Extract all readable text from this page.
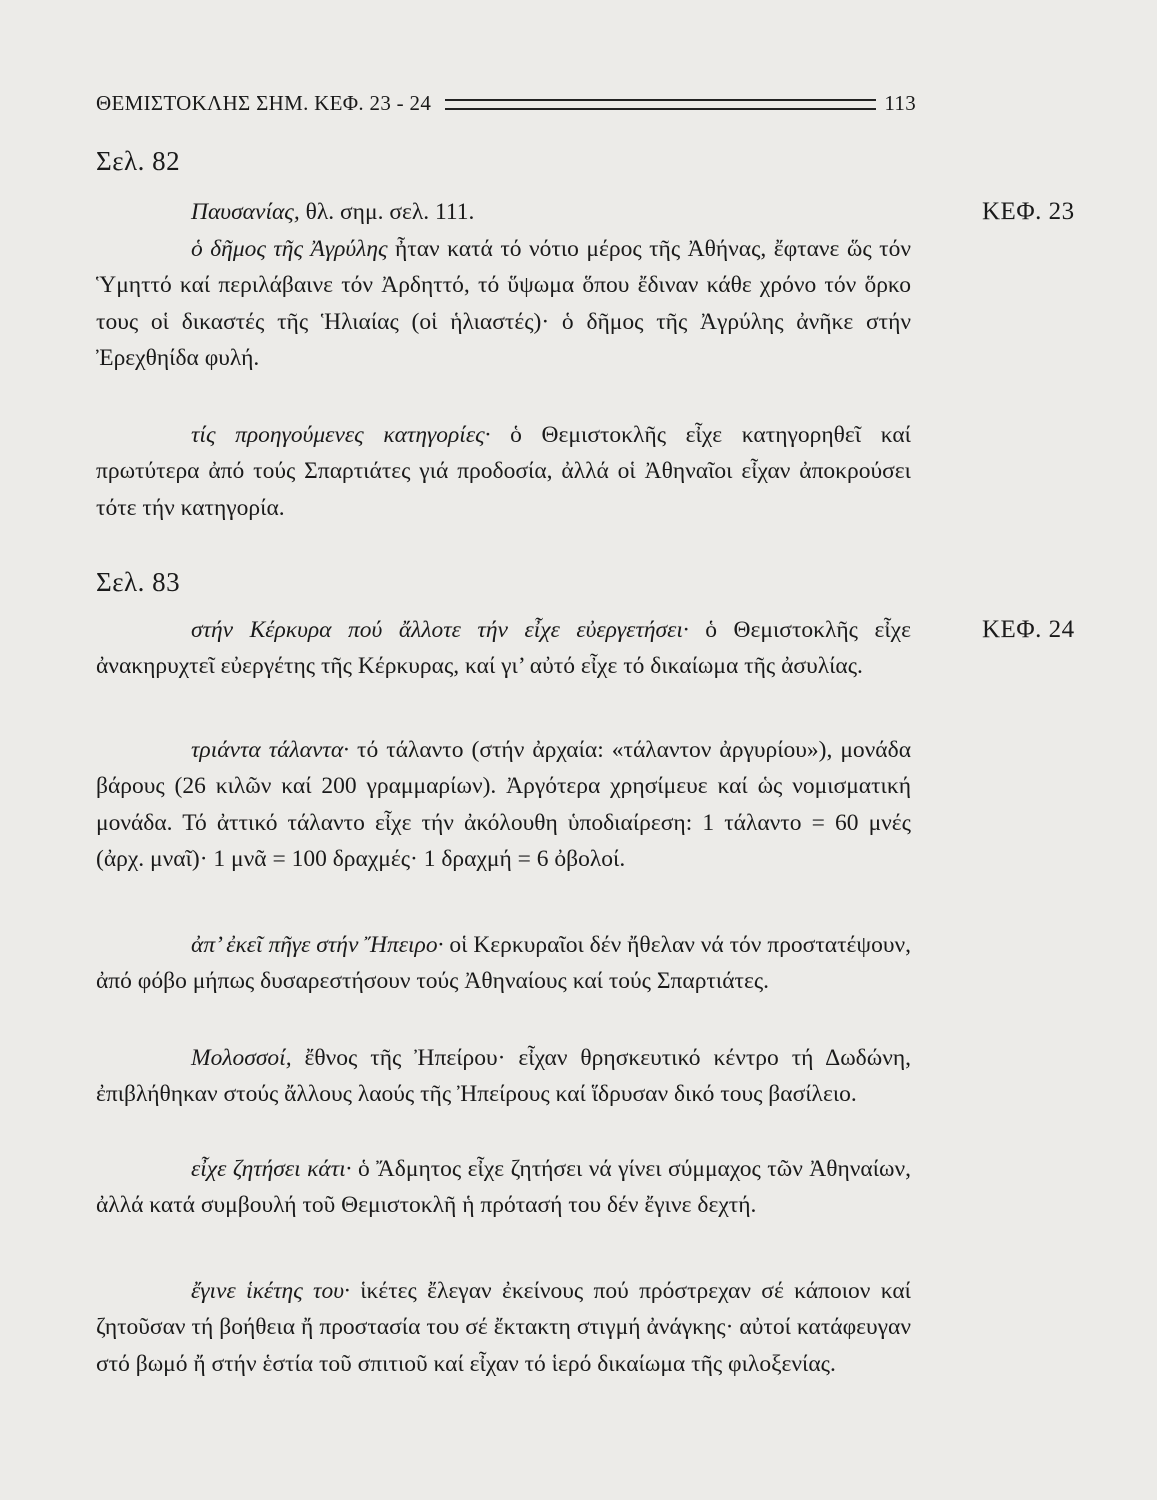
ΘΕΜΙΣΤΟΚΛΗΣ ΣΗΜ. ΚΕΦ. 23 - 24	113
Σελ. 82
ΚΕΦ. 23

Παυσανίας, θλ. σημ. σελ. 111.

ὁ δῆμος τῆς Ἀγρύλης ἦταν κατά τό νότιο μέρος τῆς Ἀθήνας, ἔφτανε ὥς τόν Ὑμηττό καί περιλάβαινε τόν Ἀρδηττό, τό ὕψωμα ὅπου ἔδιναν κάθε χρόνο τόν ὅρκο τους οἱ δικαστές τῆς Ἡλιαίας (οἱ ἡλιαστές)· ὁ δῆμος τῆς Ἀγρύλης ἀνῆκε στήν Ἐρεχθηίδα φυλή.

τίς προηγούμενες κατηγορίες· ὁ Θεμιστοκλῆς εἶχε κατηγορηθεῖ καί πρωτύτερα ἀπό τούς Σπαρτιάτες γιά προδοσία, ἀλλά οἱ Ἀθηναῖοι εἶχαν ἀποκρούσει τότε τήν κατηγορία.

Σελ. 83
ΚΕΦ. 24

στήν Κέρκυρα πού ἄλλοτε τήν εἶχε εὐεργετήσει· ὁ Θεμιστοκλῆς εἶχε ἀνακηρυχτεῖ εὐεργέτης τῆς Κέρκυρας, καί γι’ αὐτό εἶχε τό δικαίωμα τῆς ἀσυλίας.

τριάντα τάλαντα· τό τάλαντο (στήν ἀρχαία: «τάλαντον ἀργυρίου»), μονάδα βάρους (26 κιλῶν καί 200 γραμμαρίων). Ἀργότερα χρησίμευε καί ὡς νομισματική μονάδα. Τό ἀττικό τάλαντο εἶχε τήν ἀκόλουθη ὑποδιαίρεση: 1 τάλαντο = 60 μνές (ἀρχ. μναῖ)· 1 μνᾶ = 100 δραχμές· 1 δραχμή = 6 ὀβολοί.

ἀπ’ ἐκεῖ πῆγε στήν Ἤπειρο· οἱ Κερκυραῖοι δέν ἤθελαν νά τόν προστατέψουν, ἀπό φόβο μήπως δυσαρεστήσουν τούς Ἀθηναίους καί τούς Σπαρτιάτες.

Μολοσσοί, ἔθνος τῆς Ἠπείρου· εἶχαν θρησκευτικό κέντρο τή Δωδώνη, ἐπιβλήθηκαν στούς ἄλλους λαούς τῆς Ἠπείρους καί ἵδρυσαν δικό τους βασίλειο.

εἶχε ζητήσει κάτι· ὁ Ἄδμητος εἶχε ζητήσει νά γίνει σύμμαχος τῶν Ἀθηναίων, ἀλλά κατά συμβουλή τοῦ Θεμιστοκλῆ ἡ πρότασή του δέν ἔγινε δεχτή.

ἔγινε ἱκέτης του· ἱκέτες ἔλεγαν ἐκείνους πού πρόστρεχαν σέ κάποιον καί ζητοῦσαν τή βοήθεια ἤ προστασία του σέ ἔκτακτη στιγμή ἀνάγκης· αὐτοί κατάφευγαν στό βωμό ἤ στήν ἑστία τοῦ σπιτιοῦ καί εἶχαν τό ἱερό δικαίωμα τῆς φιλοξενίας.
